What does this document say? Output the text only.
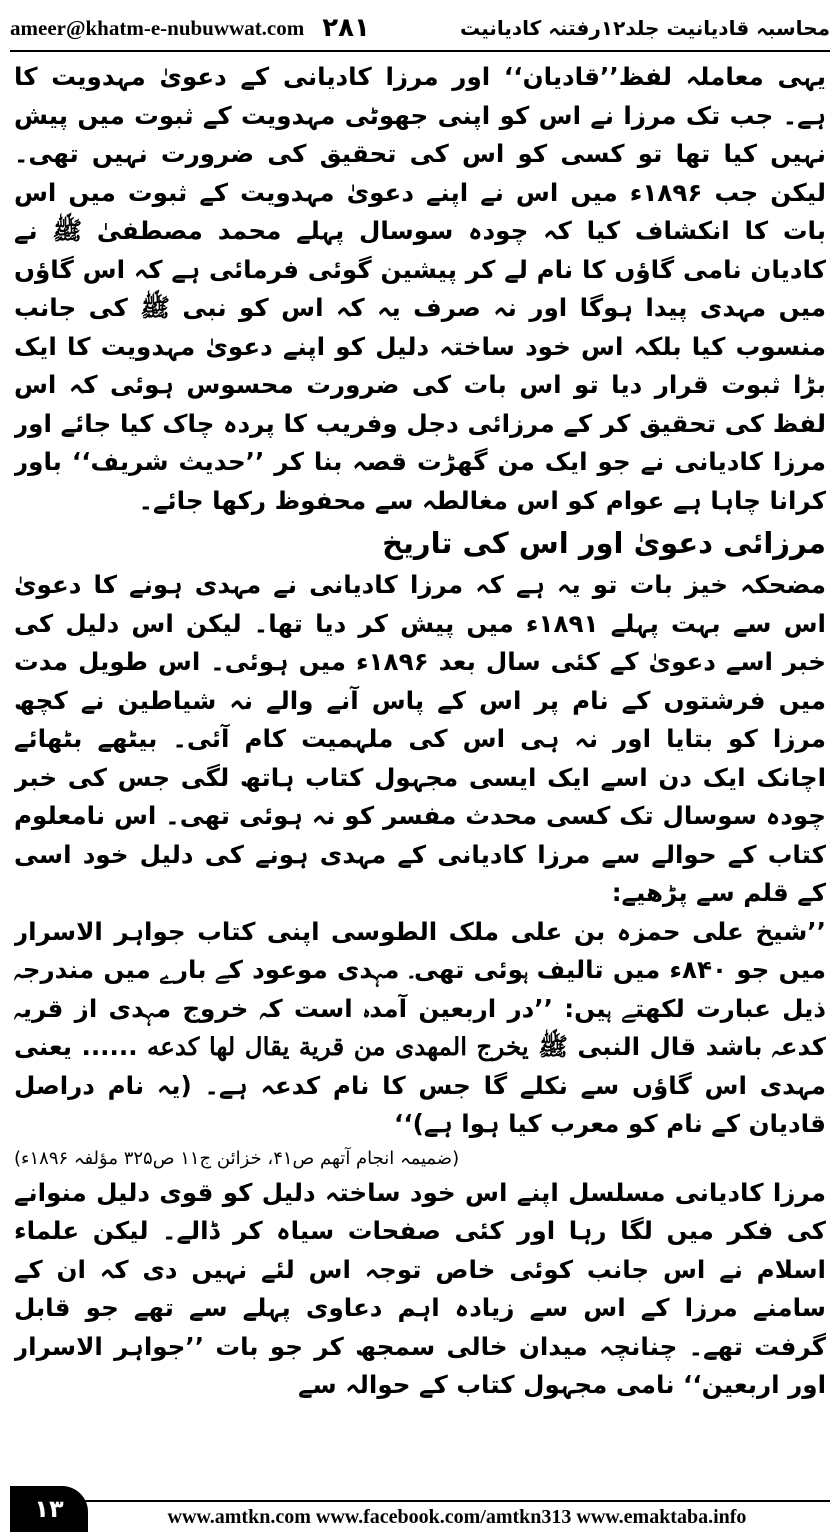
ameer@khatm-e-nubuwwat.com ۲۸۱	محاسبہ قادیانیت جلد۱۲رفتنہ کادیانیت

یہی معاملہ لفظ’’قادیان‘‘ اور مرزا کادیانی کے دعویٰ مہدویت کا ہے۔ جب تک مرزا نے اس کو اپنی جھوٹی مہدویت کے ثبوت میں پیش نہیں کیا تھا تو کسی کو اس کی تحقیق کی ضرورت نہیں تھی۔ لیکن جب ۱۸۹۶ء میں اس نے اپنے دعویٰ مہدویت کے ثبوت میں اس بات کا انکشاف کیا کہ چودہ سوسال پہلے محمد مصطفیٰ ﷺ نے کادیان نامی گاؤں کا نام لے کر پیشین گوئی فرمائی ہے کہ اس گاؤں میں مہدی پیدا ہوگا اور نہ صرف یہ کہ اس کو نبی ﷺ کی جانب منسوب کیا بلکہ اس خود ساختہ دلیل کو اپنے دعویٰ مہدویت کا ایک بڑا ثبوت قرار دیا تو اس بات کی ضرورت محسوس ہوئی کہ اس لفظ کی تحقیق کر کے مرزائی دجل وفریب کا پردہ چاک کیا جائے اور مرزا کادیانی نے جو ایک من گھڑت قصہ بنا کر ’’حدیث شریف‘‘ باور کرانا چاہا ہے عوام کو اس مغالطہ سے محفوظ رکھا جائے۔

مرزائی دعویٰ اور اس کی تاریخ

مضحکہ خیز بات تو یہ ہے کہ مرزا کادیانی نے مہدی ہونے کا دعویٰ اس سے بہت پہلے ۱۸۹۱ء میں پیش کر دیا تھا۔ لیکن اس دلیل کی خبر اسے دعویٰ کے کئی سال بعد ۱۸۹۶ء میں ہوئی۔ اس طویل مدت میں فرشتوں کے نام پر اس کے پاس آنے والے نہ شیاطین نے کچھ مرزا کو بتایا اور نہ ہی اس کی ملہمیت کام آئی۔ بیٹھے بٹھائے اچانک ایک دن اسے ایک ایسی مجہول کتاب ہاتھ لگی جس کی خبر چودہ سوسال تک کسی محدث مفسر کو نہ ہوئی تھی۔ اس نامعلوم کتاب کے حوالے سے مرزا کادیانی کے مہدی ہونے کی دلیل خود اسی کے قلم سے پڑھیے:

’’شیخ علی حمزہ بن علی ملک الطوسی اپنی کتاب جواہر الاسرار میں جو ۸۴۰ء میں تالیف ہوئی تھی۔ مہدی موعود کے بارے میں مندرجہ ذیل عبارت لکھتے ہیں: ’’در اربعین آمدہ است کہ خروج مہدی از قریہ کدعہ باشد قال النبی ﷺ یخرج المهدی من قریة یقال لها کدعه ...... یعنی مہدی اس گاؤں سے نکلے گا جس کا نام کدعہ ہے۔ (یہ نام دراصل قادیان کے نام کو معرب کیا ہوا ہے)‘‘

(ضمیمہ انجام آتھم ص۴۱، خزائن ج۱۱ ص۳۲۵ مؤلفہ ۱۸۹۶ء)

مرزا کادیانی مسلسل اپنے اس خود ساختہ دلیل کو قوی دلیل منوانے کی فکر میں لگا رہا اور کئی صفحات سیاہ کر ڈالے۔ لیکن علماء اسلام نے اس جانب کوئی خاص توجہ اس لئے نہیں دی کہ ان کے سامنے مرزا کے اس سے زیادہ اہم دعاوی پہلے سے تھے جو قابل گرفت تھے۔ چنانچہ میدان خالی سمجھ کر جو بات ’’جواہر الاسرار اور اربعین‘‘ نامی مجہول کتاب کے حوالہ سے

۱۳	www.amtkn.com www.facebook.com/amtkn313 www.emaktaba.info
